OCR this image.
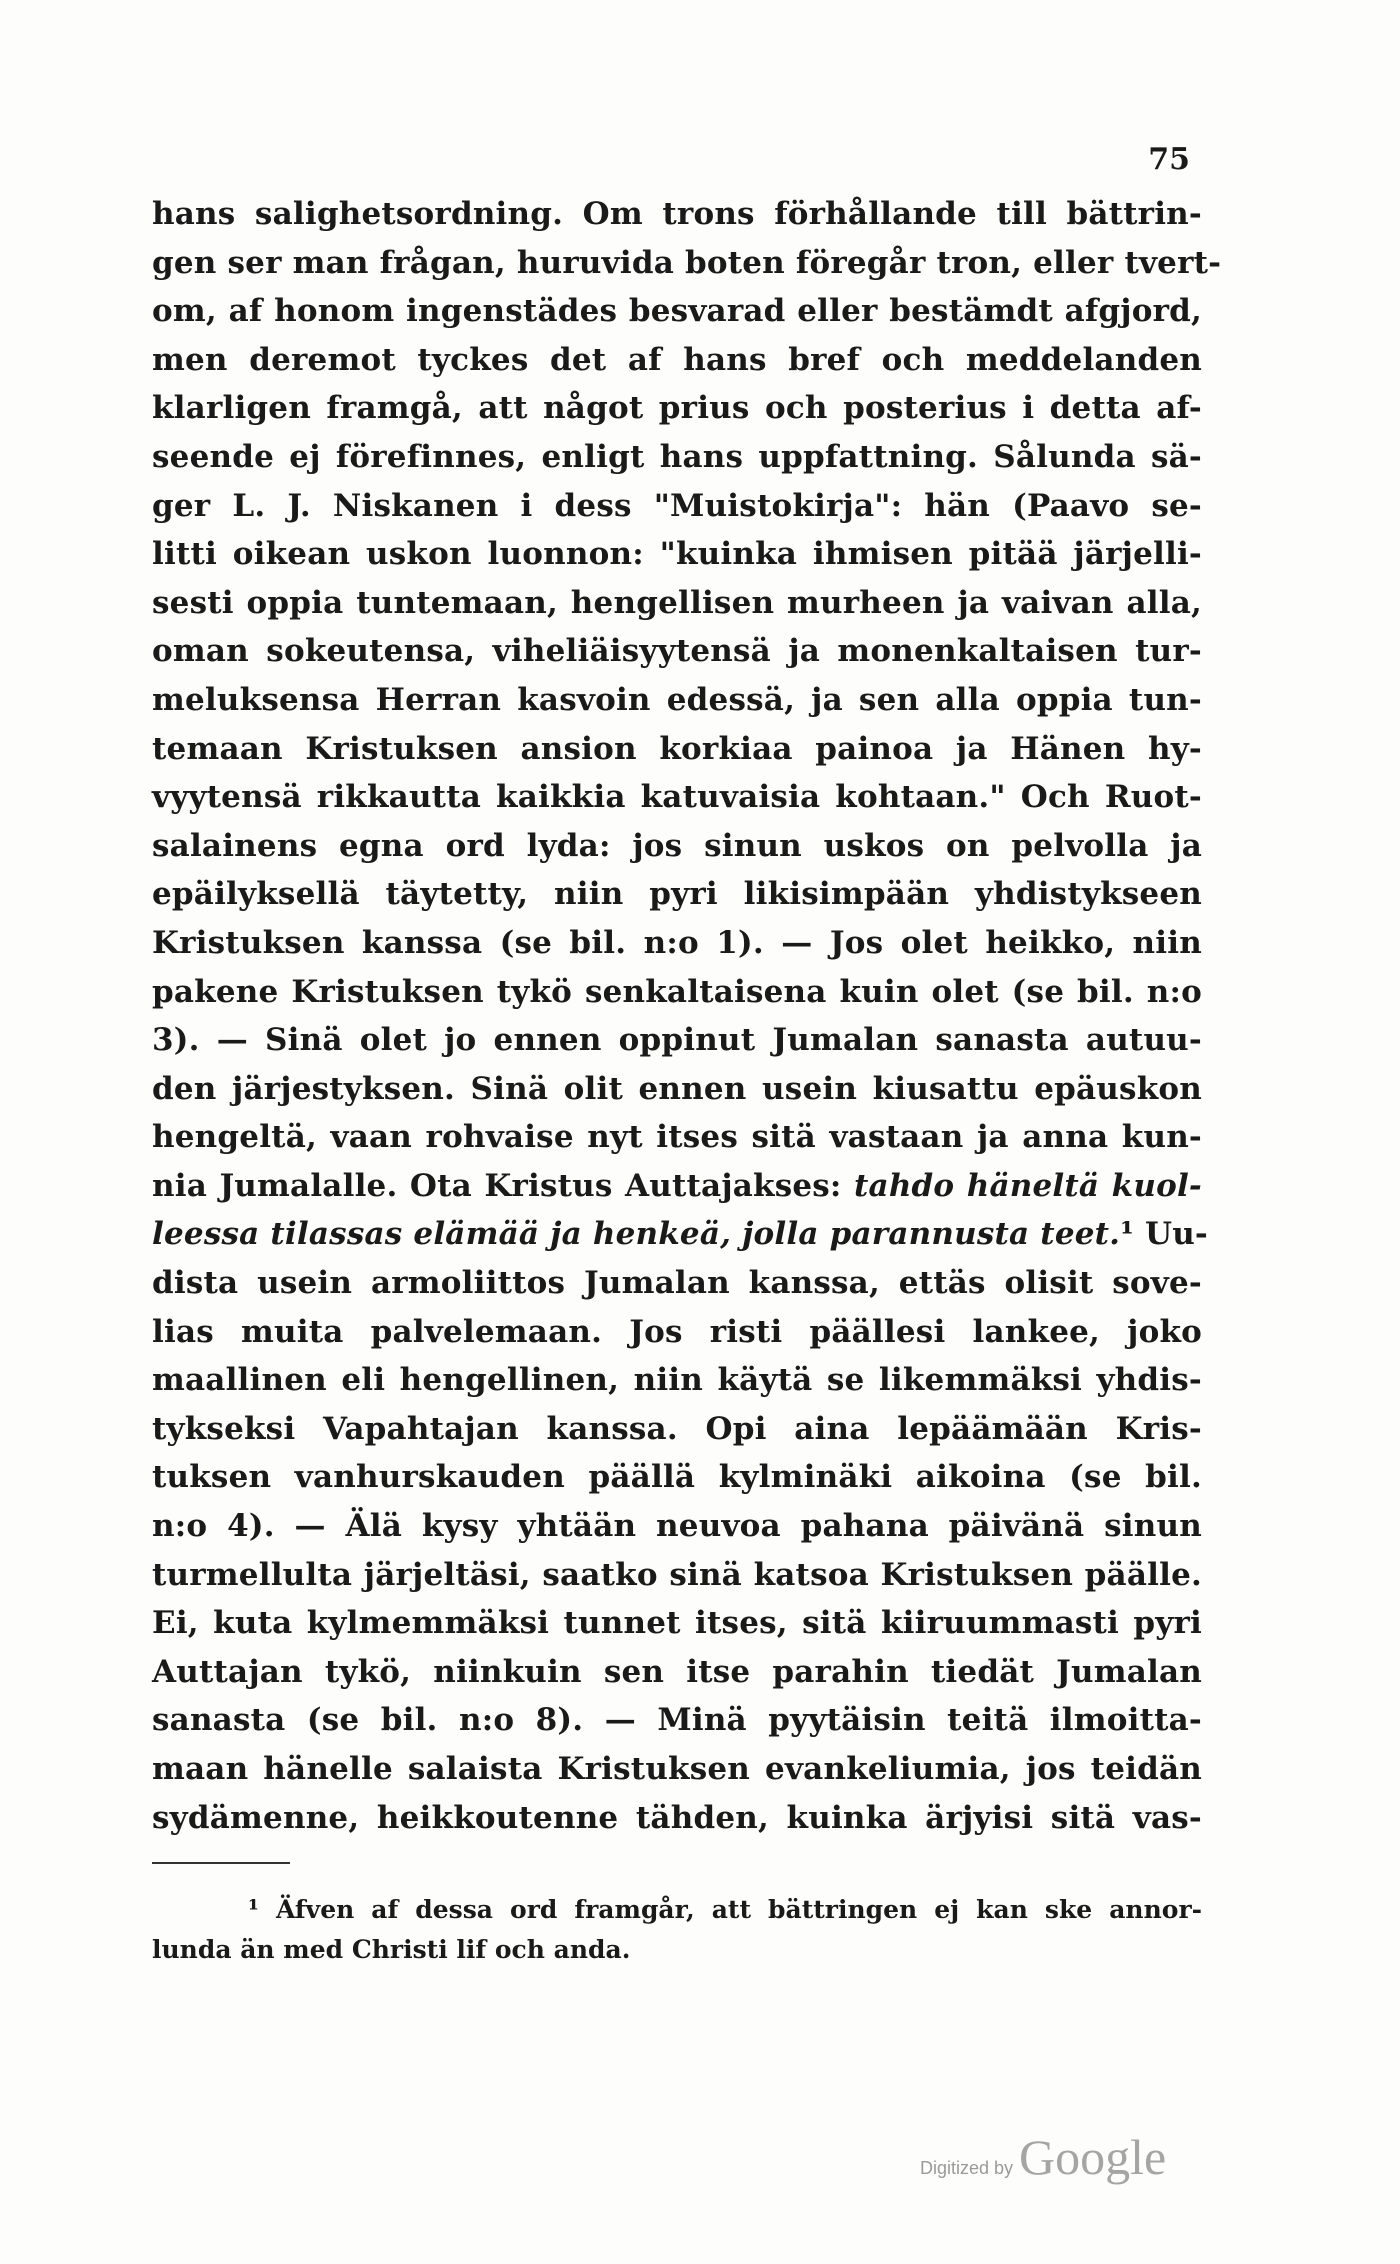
75
hans salighetsordning. Om trons förhållande till bättrin-
gen ser man frågan, huruvida boten föregår tron, eller tvert-
om, af honom ingenstädes besvarad eller bestämdt afgjord,
men deremot tyckes det af hans bref och meddelanden
klarligen framgå, att något prius och posterius i detta af-
seende ej förefinnes, enligt hans uppfattning. Sålunda sä-
ger L. J. Niskanen i dess "Muistokirja": hän (Paavo se-
litti oikean uskon luonnon: "kuinka ihmisen pitää järjelli-
sesti oppia tuntemaan, hengellisen murheen ja vaivan alla,
oman sokeutensa, viheliäisyytensä ja monenkaltaisen tur-
meluksensa Herran kasvoin edessä, ja sen alla oppia tun-
temaan Kristuksen ansion korkiaa painoa ja Hänen hy-
vyytensä rikkautta kaikkia katuvaisia kohtaan." Och Ruot-
salainens egna ord lyda: jos sinun uskos on pelvolla ja
epäilyksellä täytetty, niin pyri likisimpään yhdistykseen
Kristuksen kanssa (se bil. n:o 1). — Jos olet heikko, niin
pakene Kristuksen tykö senkaltaisena kuin olet (se bil. n:o
3). — Sinä olet jo ennen oppinut Jumalan sanasta autuu-
den järjestyksen. Sinä olit ennen usein kiusattu epäuskon
hengeltä, vaan rohvaise nyt itses sitä vastaan ja anna kun-
nia Jumalalle. Ota Kristus Auttajakses: tahdo häneltä kuol-
leessa tilassas elämää ja henkeä, jolla parannusta teet.¹ Uu-
dista usein armoliittos Jumalan kanssa, ettäs olisit sove-
lias muita palvelemaan. Jos risti päällesi lankee, joko
maallinen eli hengellinen, niin käytä se likemmäksi yhdis-
tykseksi Vapahtajan kanssa. Opi aina lepäämään Kris-
tuksen vanhurskauden päällä kylminäki aikoina (se bil.
n:o 4). — Älä kysy yhtään neuvoa pahana päivänä sinun
turmellulta järjeltäsi, saatko sinä katsoa Kristuksen päälle.
Ei, kuta kylmemmäksi tunnet itses, sitä kiiruummasti pyri
Auttajan tykö, niinkuin sen itse parahin tiedät Jumalan
sanasta (se bil. n:o 8). — Minä pyytäisin teitä ilmoitta-
maan hänelle salaista Kristuksen evankeliumia, jos teidän
sydämenne, heikkoutenne tähden, kuinka ärjyisi sitä vas-
¹ Äfven af dessa ord framgår, att bättringen ej kan ske annor-
lunda än med Christi lif och anda.
Digitized by Google
